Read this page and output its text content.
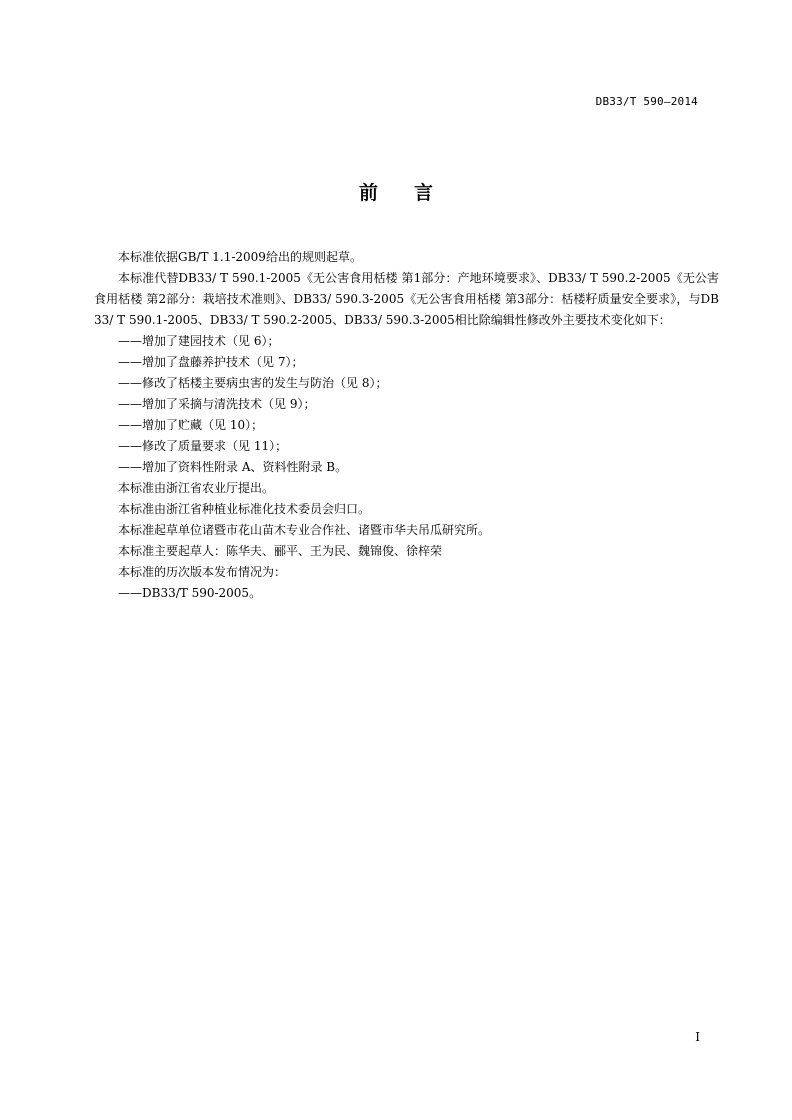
DB33/T 590—2014
前言

本标准依据GB/T 1.1-2009给出的规则起草。

本标准代替DB33/ T 590.1-2005《无公害食用栝楼 第1部分：产地环境要求》、DB33/ T 590.2-2005《无公害食用栝楼 第2部分：栽培技术准则》、DB33/ 590.3-2005《无公害食用栝楼 第3部分：栝楼籽质量安全要求》，与DB33/ T 590.1-2005、DB33/ T 590.2-2005、DB33/ 590.3-2005相比除编辑性修改外主要技术变化如下：

——增加了建园技术（见 6）；

——增加了盘藤养护技术（见 7）；

——修改了栝楼主要病虫害的发生与防治（见 8）；

——增加了采摘与清洗技术（见 9）；

——增加了贮藏（见 10）；

——修改了质量要求（见 11）；

——增加了资料性附录 A、资料性附录 B。

本标准由浙江省农业厅提出。

本标准由浙江省种植业标准化技术委员会归口。

本标准起草单位诸暨市花山苗木专业合作社、诸暨市华夫吊瓜研究所。

本标准主要起草人：陈华夫、郦平、王为民、魏锦俊、徐梓荣

本标准的历次版本发布情况为：

——DB33/T 590-2005。

I
